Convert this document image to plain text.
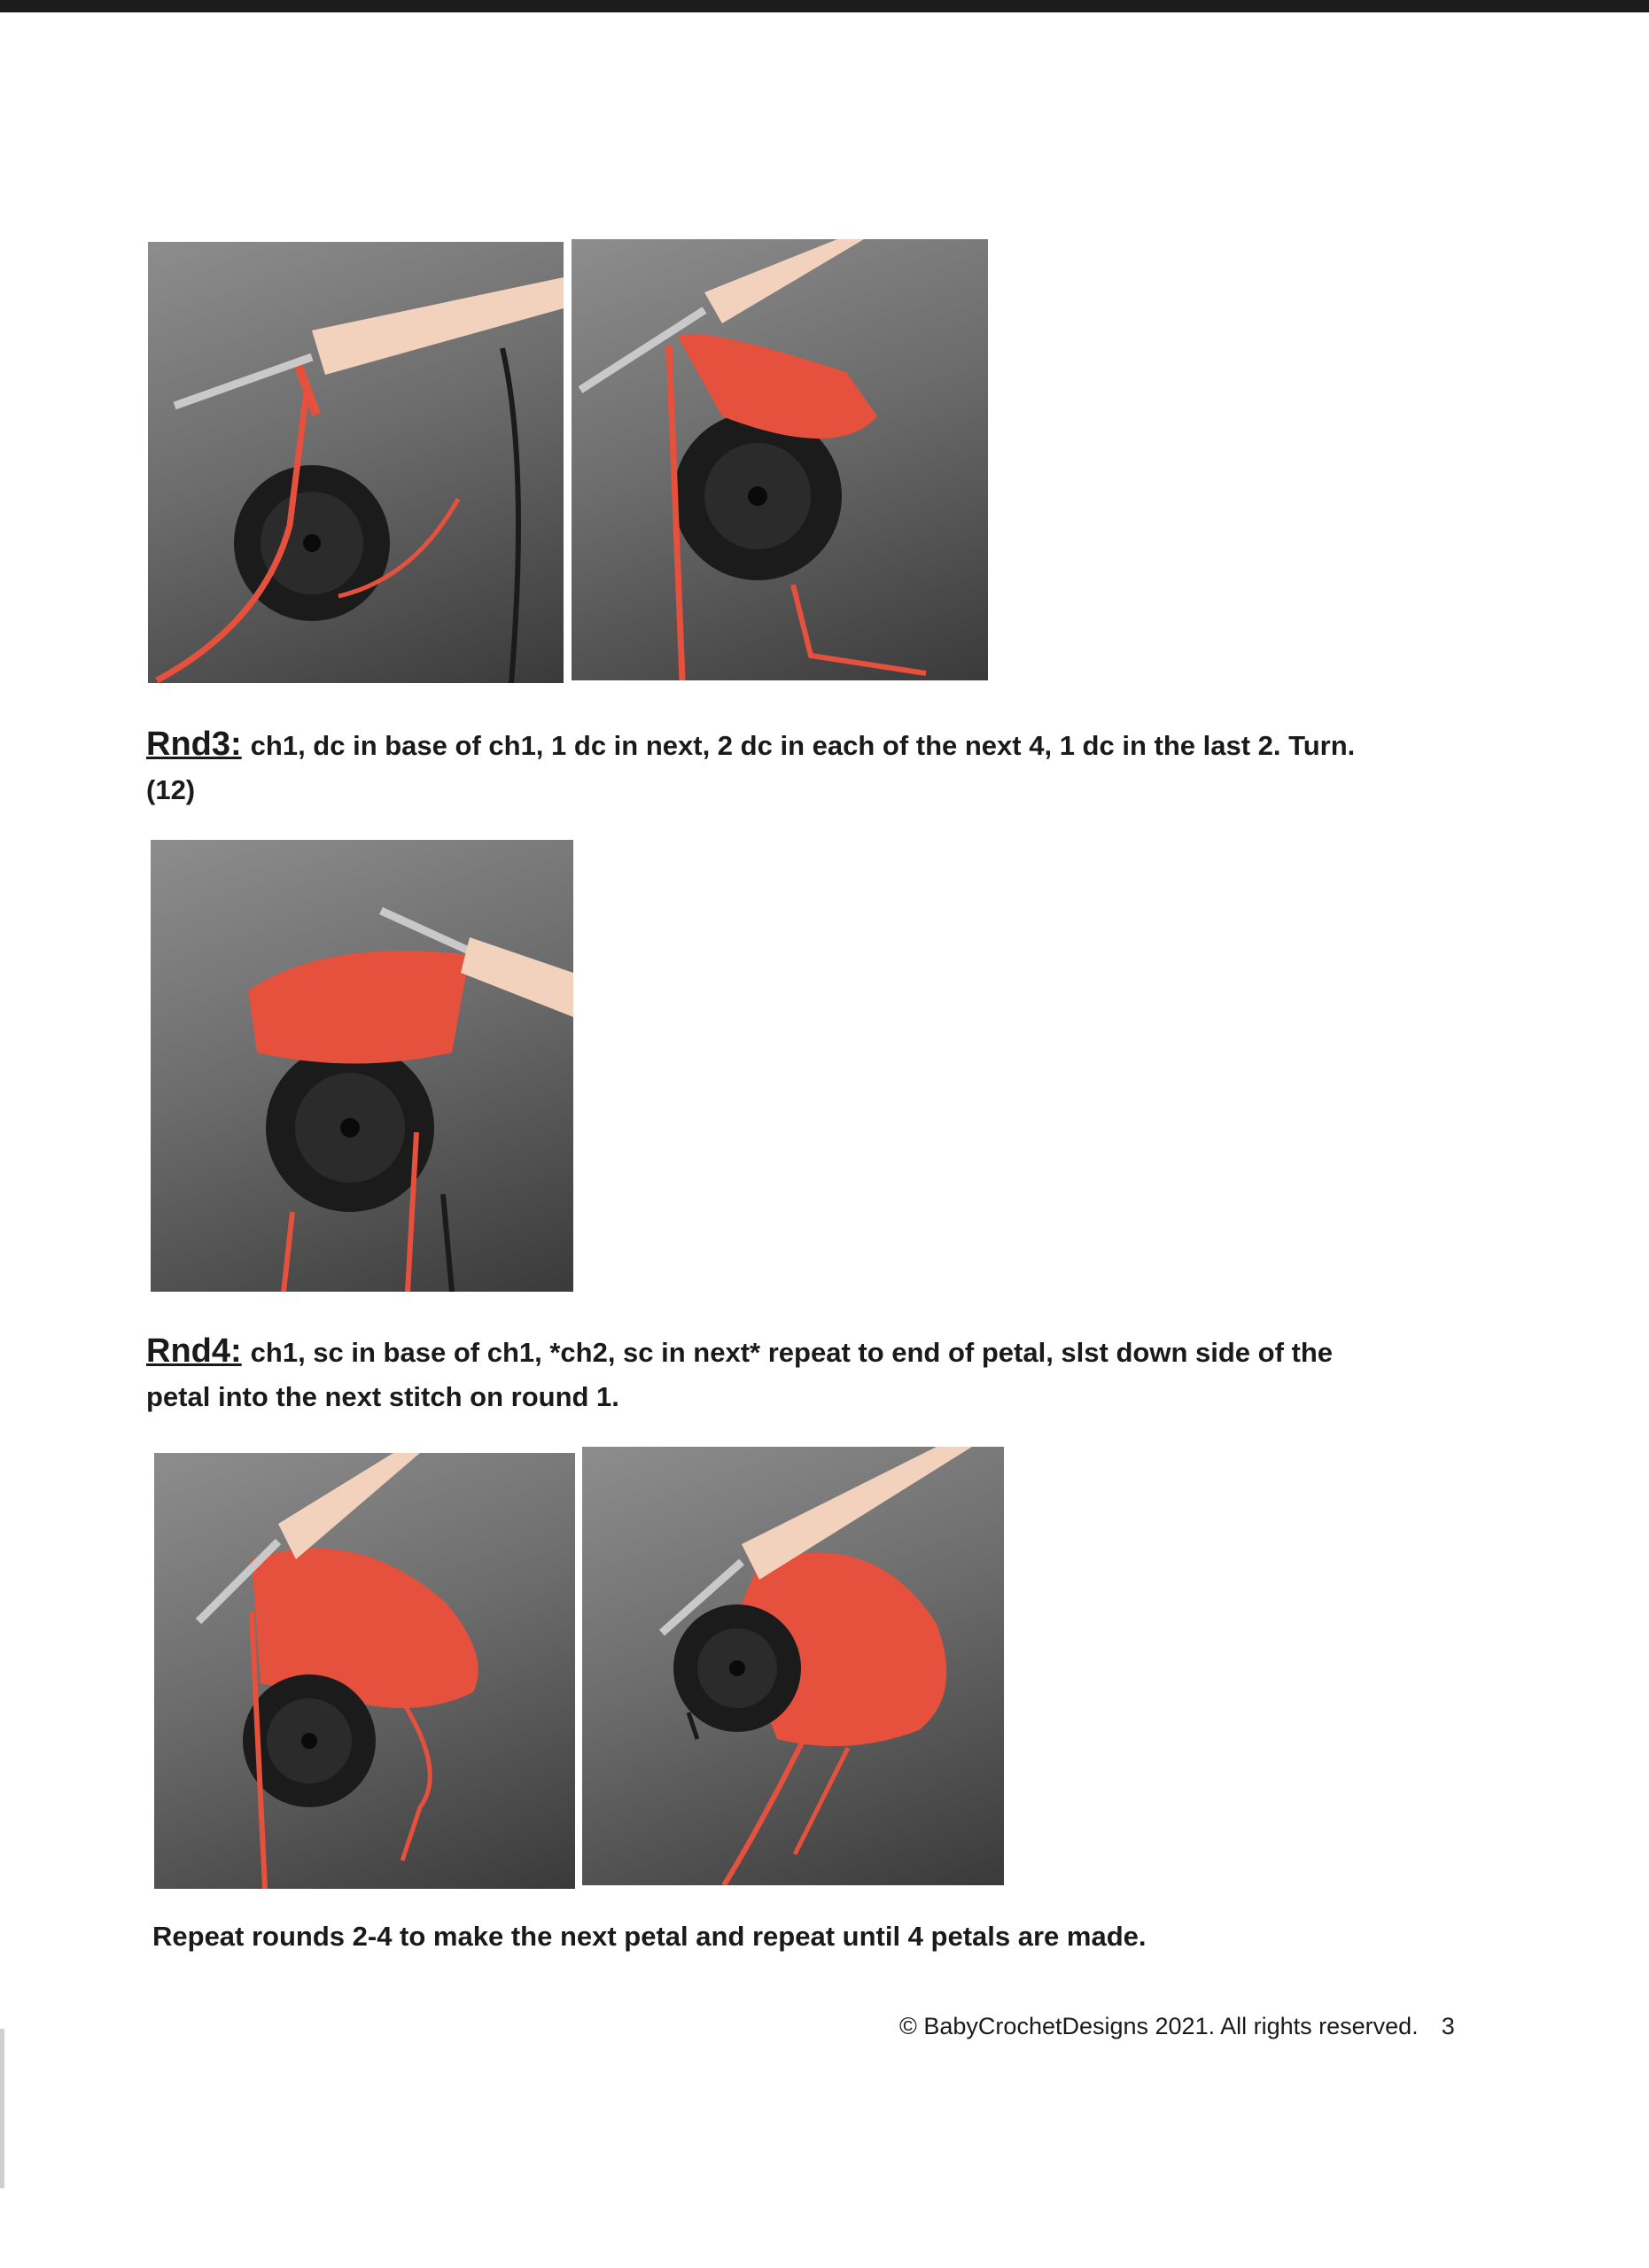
Rnd3: ch1, dc in base of ch1, 1 dc in next, 2 dc in each of the next 4, 1 dc in the last 2. Turn.
(12)
Rnd4: ch1, sc in base of ch1, *ch2, sc in next* repeat to end of petal, slst down side of the
petal into the next stitch on round 1.
Repeat rounds 2-4 to make the next petal and repeat until 4 petals are made.
© BabyCrochetDesigns 2021. All rights reserved. 3
